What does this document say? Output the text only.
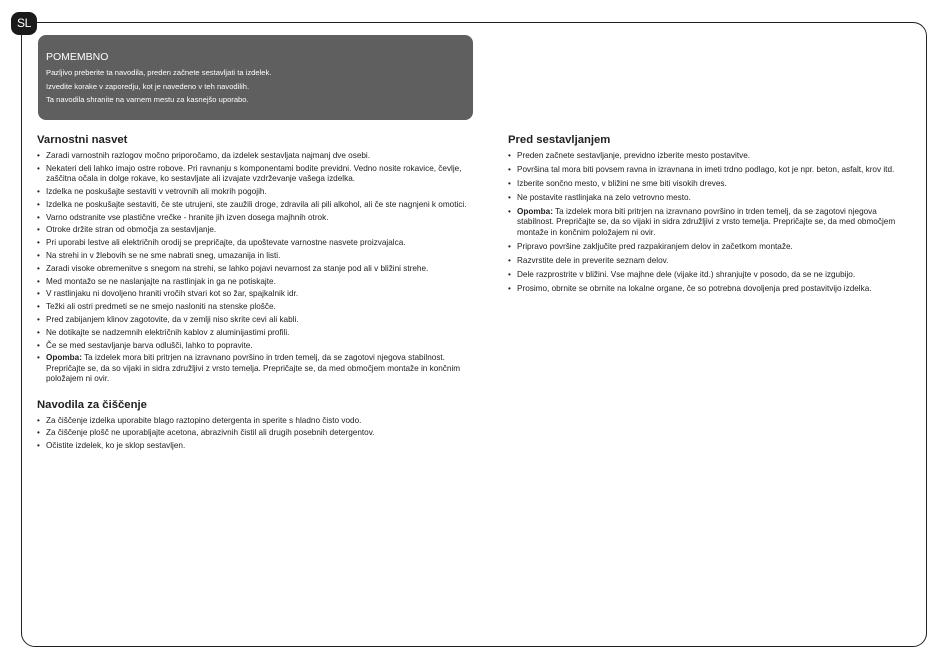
SL
POMEMBNO
Pazljivo preberite ta navodila, preden začnete sestavljati ta izdelek.
Izvedite korake v zaporedju, kot je navedeno v teh navodilih.
Ta navodila shranite na varnem mestu za kasnejšo uporabo.
Varnostni nasvet
• Zaradi varnostnih razlogov močno priporočamo, da izdelek sestavljata najmanj dve osebi.
• Nekateri deli lahko imajo ostre robove. Pri ravnanju s komponentami bodite previdni. Vedno nosite rokavice, čevlje, zaščitna očala in dolge rokave, ko sestavljate ali izvajate vzdrževanje vašega izdelka.
• Izdelka ne poskušajte sestaviti v vetrovnih ali mokrih pogojih.
• Izdelka ne poskušajte sestaviti, če ste utrujeni, ste zaužili droge, zdravila ali pili alkohol, ali če ste nagnjeni k omotici.
• Varno odstranite vse plastične vrečke - hranite jih izven dosega majhnih otrok.
• Otroke držite stran od območja za sestavljanje.
• Pri uporabi lestve ali električnih orodij se prepričajte, da upoštevate varnostne nasvete proizvajalca.
• Na strehi in v žlebovih se ne sme nabrati sneg, umazanija in listi.
• Zaradi visoke obremenitve s snegom na strehi, se lahko pojavi nevarnost za stanje pod ali v bližini strehe.
• Med montažo se ne naslanjajte na rastlinjak in ga ne potiskajte.
• V rastlinjaku ni dovoljeno hraniti vročih stvari kot so žar, spajkalnik idr.
• Težki ali ostri predmeti se ne smejo nasloniti na stenske plošče.
• Pred zabijanjem klinov zagotovite, da v zemlji niso skrite cevi ali kabli.
• Ne dotikajte se nadzemnih električnih kablov z aluminijastimi profili.
• Če se med sestavljanje barva odlušči, lahko to popravite.
• Opomba: Ta izdelek mora biti pritrjen na izravnano površino in trden temelj, da se zagotovi njegova stabilnost. Prepričajte se, da so vijaki in sidra združljivi z vrsto temelja. Prepričajte se, da med območjem montaže in končnim položajem ni ovir.
Navodila za čiščenje
• Za čiščenje izdelka uporabite blago raztopino detergenta in sperite s hladno čisto vodo.
• Za čiščenje plošč ne uporabljajte acetona, abrazivnih čistil ali drugih posebnih detergentov.
• Očistite izdelek, ko je sklop sestavljen.
Pred sestavljanjem
• Preden začnete sestavljanje, previdno izberite mesto postavitve.
• Površina tal mora biti povsem ravna in izravnana in imeti trdno podlago, kot je npr. beton, asfalt, krov itd.
• Izberite sončno mesto, v bližini ne sme biti visokih dreves.
• Ne postavite rastlinjaka na zelo vetrovno mesto.
• Opomba: Ta izdelek mora biti pritrjen na izravnano površino in trden temelj, da se zagotovi njegova stabilnost. Prepričajte se, da so vijaki in sidra združljivi z vrsto temelja. Prepričajte se, da med območjem montaže in končnim položajem ni ovir.
• Pripravo površine zaključite pred razpakiranjem delov in začetkom montaže.
• Razvrstite dele in preverite seznam delov.
• Dele razprostrite v bližini. Vse majhne dele (vijake itd.) shranjujte v posodo, da se ne izgubijo.
• Prosimo, obrnite se obrnite na lokalne organe, če so potrebna dovoljenja pred postavitvijo izdelka.
